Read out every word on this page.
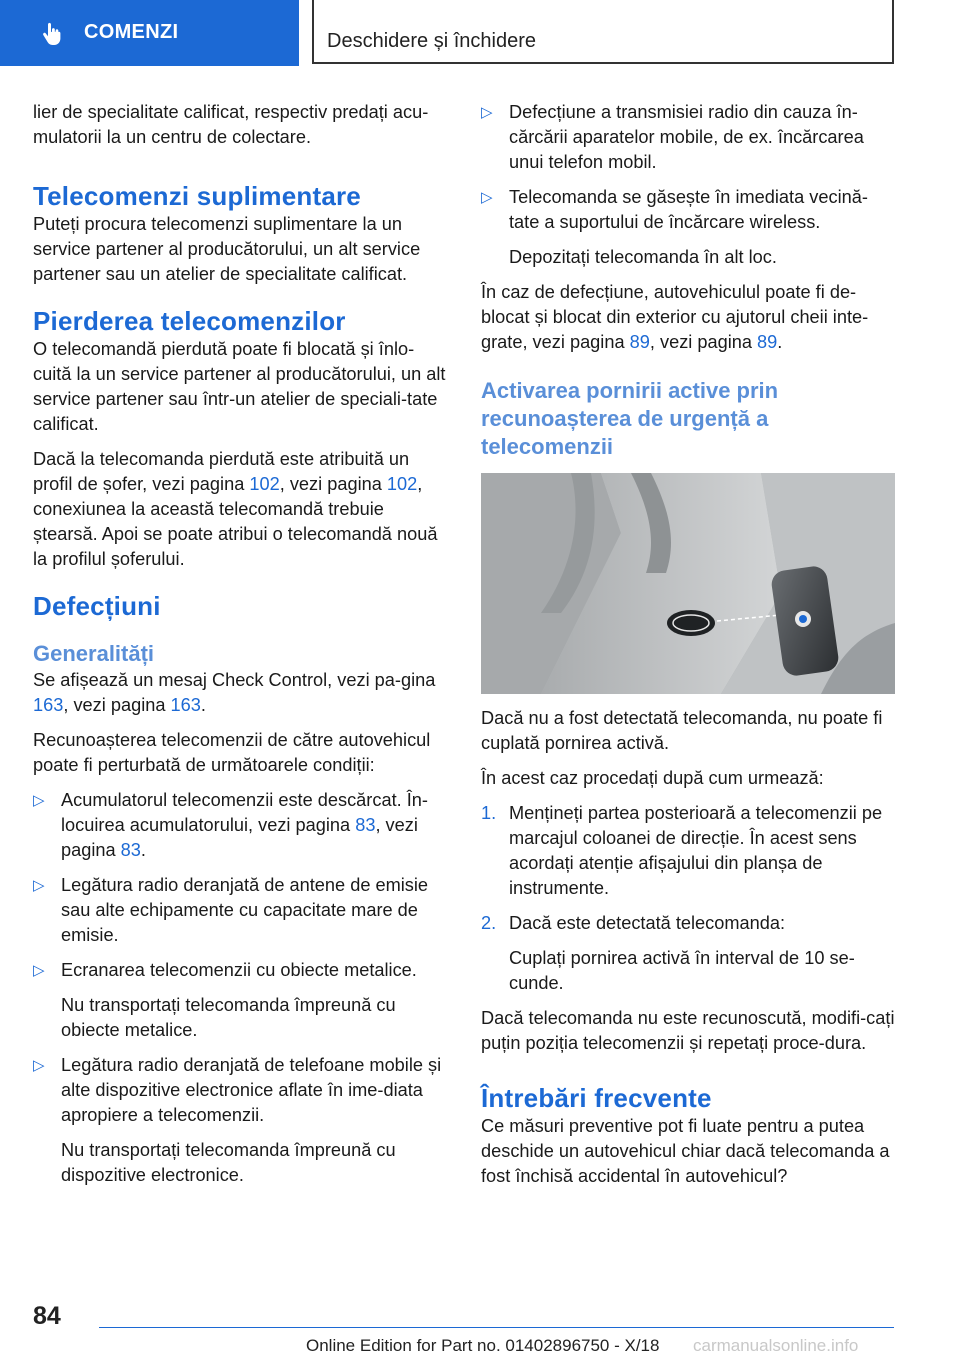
COMENZI	Deschidere și închidere

lier de specialitate calificat, respectiv predați acu-mulatorii la un centru de colectare.

Telecomenzi suplimentare

Puteți procura telecomenzi suplimentare la un service partener al producătorului, un alt service partener sau un atelier de specialitate calificat.

Pierderea telecomenzilor

O telecomandă pierdută poate fi blocată și înlo-cuită la un service partener al producătorului, un alt service partener sau într-un atelier de speciali-tate calificat.

Dacă la telecomanda pierdută este atribuită un profil de șofer, vezi pagina 102, vezi pagina 102, conexiunea la această telecomandă trebuie ștearsă. Apoi se poate atribui o telecomandă nouă la profilul șoferului.

Defecțiuni
Generalități

Se afișează un mesaj Check Control, vezi pa-gina 163, vezi pagina 163.

Recunoașterea telecomenzii de către autovehicul poate fi perturbată de următoarele condiții:

▷ Acumulatorul telecomenzii este descărcat. În-locuirea acumulatorului, vezi pagina 83, vezi pagina 83.

▷ Legătura radio deranjată de antene de emisie sau alte echipamente cu capacitate mare de emisie.

▷ Ecranarea telecomenzii cu obiecte metalice.

Nu transportați telecomanda împreună cu obiecte metalice.

▷ Legătura radio deranjată de telefoane mobile și alte dispozitive electronice aflate în ime-diata apropiere a telecomenzii.

Nu transportați telecomanda împreună cu dispozitive electronice.

▷ Defecțiune a transmisiei radio din cauza în-cărcării aparatelor mobile, de ex. încărcarea unui telefon mobil.

▷ Telecomanda se găsește în imediata vecină-tate a suportului de încărcare wireless.

Depozitați telecomanda în alt loc.

În caz de defecțiune, autovehiculul poate fi de-blocat și blocat din exterior cu ajutorul cheii inte-grate, vezi pagina 89, vezi pagina 89.

Activarea pornirii active prin recunoașterea de urgență a telecomenzii

Dacă nu a fost detectată telecomanda, nu poate fi cuplată pornirea activă.

În acest caz procedați după cum urmează:

1. Mențineți partea posterioară a telecomenzii pe marcajul coloanei de direcție. În acest sens acordați atenție afișajului din planșa de instrumente.

2. Dacă este detectată telecomanda:

Cuplați pornirea activă în interval de 10 se-cunde.

Dacă telecomanda nu este recunoscută, modifi-cați puțin poziția telecomenzii și repetați proce-dura.

Întrebări frecvente

Ce măsuri preventive pot fi luate pentru a putea deschide un autovehicul chiar dacă telecomanda a fost închisă accidental în autovehicul?

84
Online Edition for Part no. 01402896750 - X/18 carmanualsonline.info
